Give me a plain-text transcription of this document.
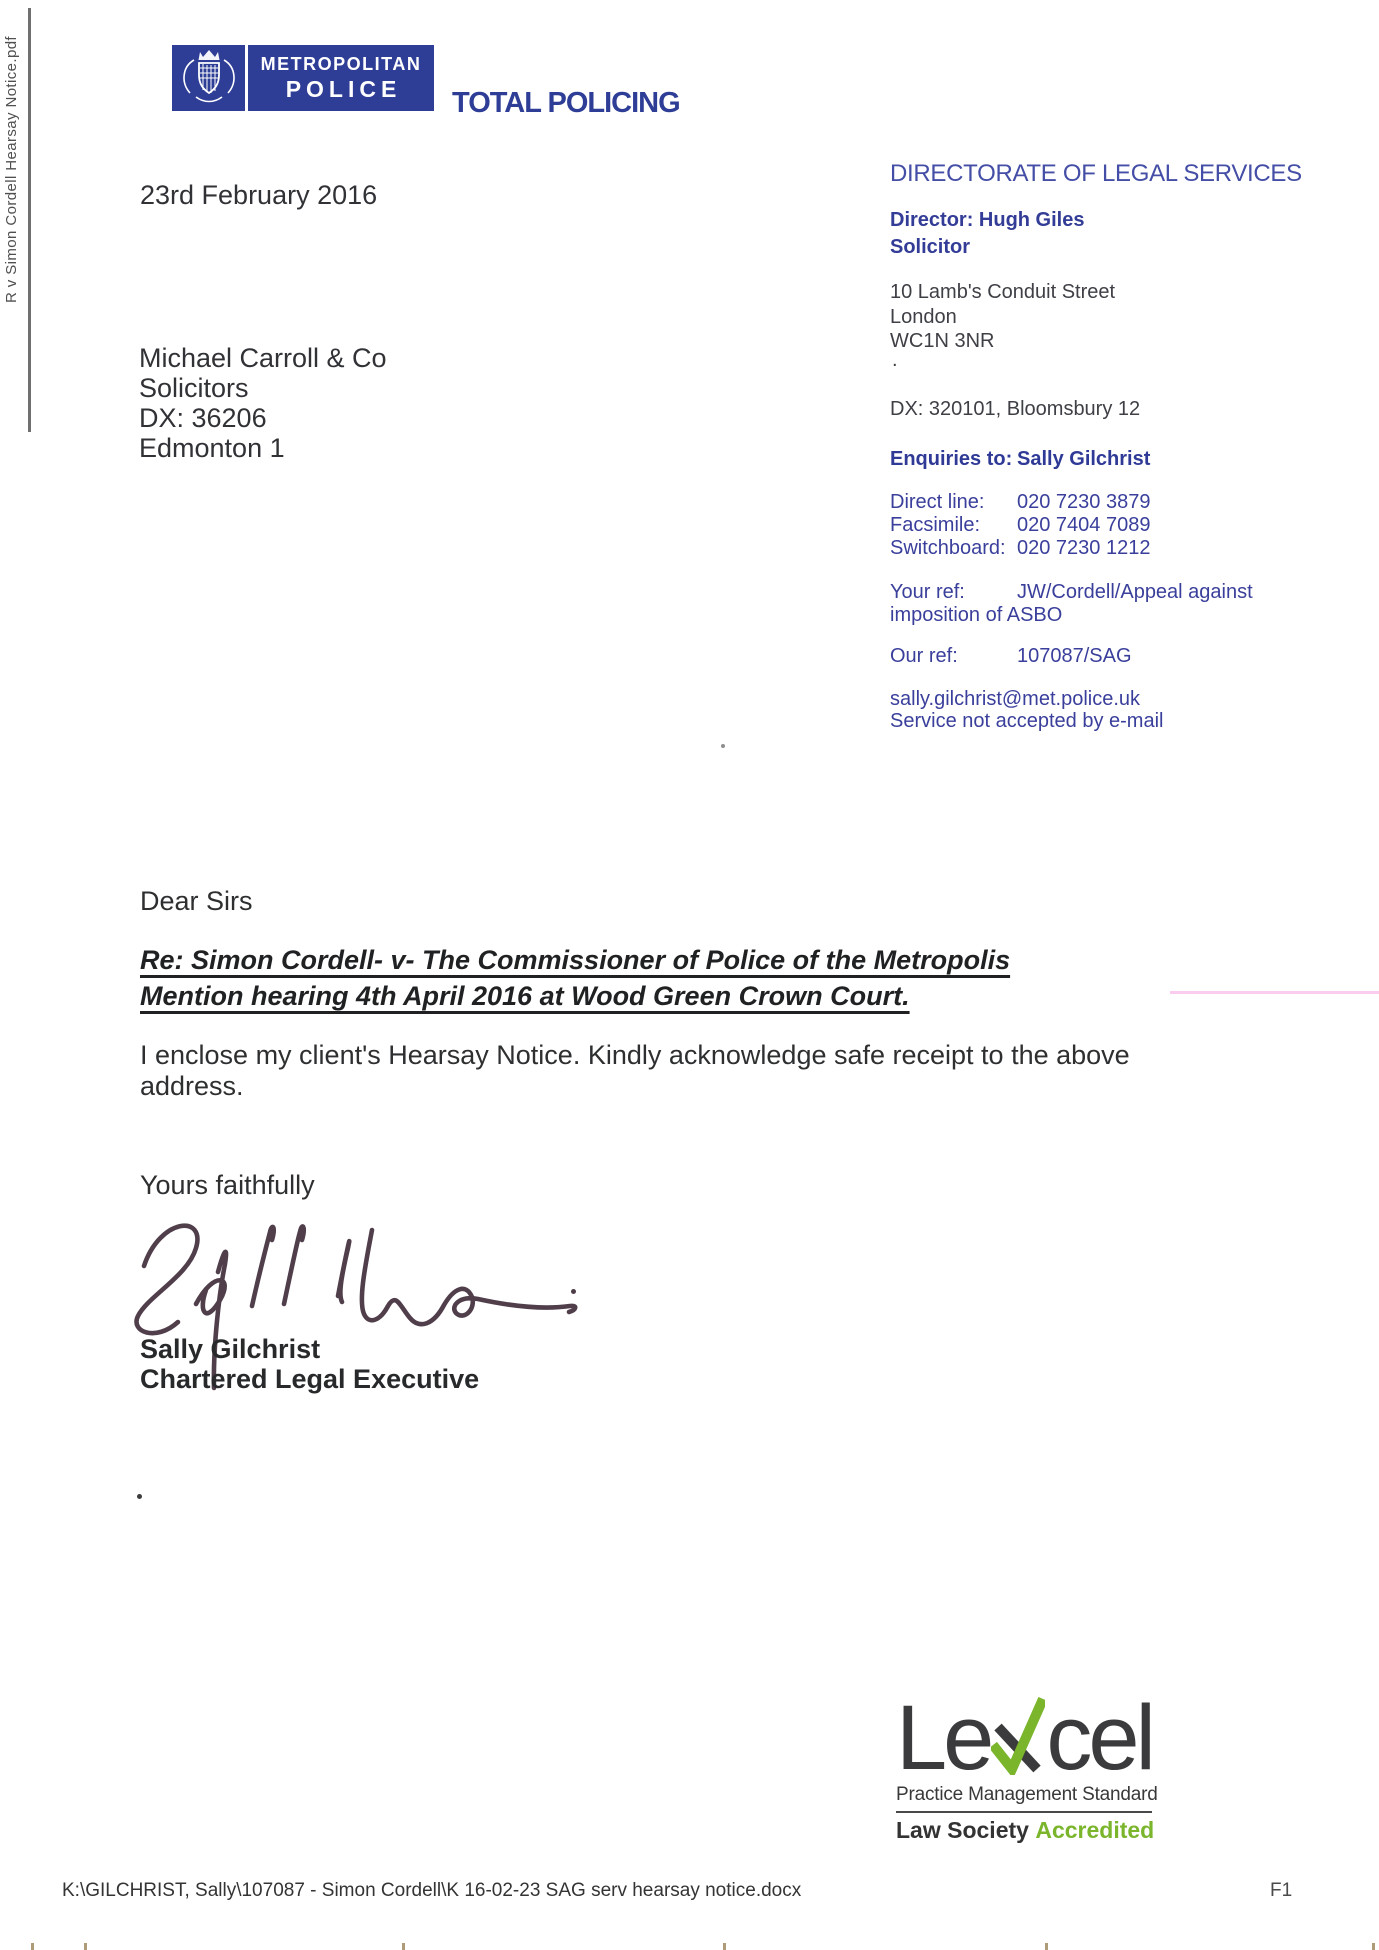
R v Simon Cordell Hearsay Notice.pdf	METROPOLITAN
POLICE TOTAL POLICING
DIRECTORATE OF LEGAL SERVICES
Director: Hugh Giles
Solicitor
10 Lamb's Conduit Street
London
WC1N 3NR
.
DX: 320101, Bloomsbury 12
Enquiries to: Sally Gilchrist
Direct line: 020 7230 3879
Facsimile: 020 7404 7089
Switchboard: 020 7230 1212
Your ref:	JW/Cordell/Appeal against
imposition of ASBO
Our ref:	107087/SAG
sally.gilchrist@met.police.uk
Service not accepted by e-mail
23rd February 2016
Michael Carroll & Co
Solicitors
DX: 36206
Edmonton 1
Dear Sirs
Re: Simon Cordell- v- The Commissioner of Police of the Metropolis
Mention hearing 4th April 2016 at Wood Green Crown Court.
I enclose my client's Hearsay Notice. Kindly acknowledge safe receipt to the above address.
Yours faithfully
Sally Gilchrist
Chartered Legal Executive
Le cel
Practice Management Standard
Law Society Accredited
K:\GILCHRIST, Sally\107087 - Simon Cordell\K 16-02-23 SAG serv hearsay notice.docx	F1
